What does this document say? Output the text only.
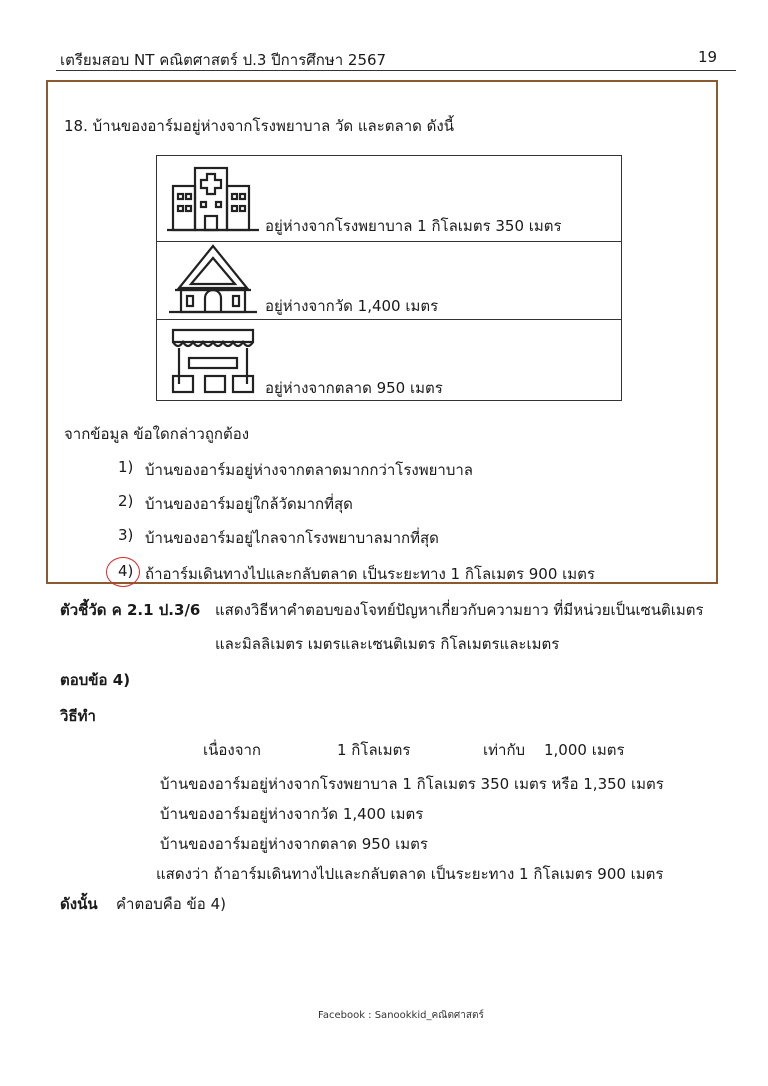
เตรียมสอบ NT คณิตศาสตร์ ป.3 ปีการศึกษา 2567	19
18. บ้านของอาร์มอยู่ห่างจากโรงพยาบาล วัด และตลาด ดังนี้
อยู่ห่างจากโรงพยาบาล 1 กิโลเมตร 350 เมตร
อยู่ห่างจากวัด 1,400 เมตร
อยู่ห่างจากตลาด 950 เมตร
จากข้อมูล ข้อใดกล่าวถูกต้อง
1) บ้านของอาร์มอยู่ห่างจากตลาดมากกว่าโรงพยาบาล
2) บ้านของอาร์มอยู่ใกล้วัดมากที่สุด
3) บ้านของอาร์มอยู่ไกลจากโรงพยาบาลมากที่สุด
4) ถ้าอาร์มเดินทางไปและกลับตลาด เป็นระยะทาง 1 กิโลเมตร 900 เมตร
ตัวชี้วัด ค 2.1 ป.3/6 แสดงวิธีหาคำตอบของโจทย์ปัญหาเกี่ยวกับความยาว ที่มีหน่วยเป็นเซนติเมตร
และมิลลิเมตร เมตรและเซนติเมตร กิโลเมตรและเมตร
ตอบข้อ 4)
วิธีทำ
เนื่องจาก	1 กิโลเมตร	เท่ากับ 1,000 เมตร
บ้านของอาร์มอยู่ห่างจากโรงพยาบาล 1 กิโลเมตร 350 เมตร หรือ 1,350 เมตร
บ้านของอาร์มอยู่ห่างจากวัด 1,400 เมตร
บ้านของอาร์มอยู่ห่างจากตลาด 950 เมตร
แสดงว่า ถ้าอาร์มเดินทางไปและกลับตลาด เป็นระยะทาง 1 กิโลเมตร 900 เมตร
ดังนั้น คำตอบคือ ข้อ 4)
Facebook : Sanookkid_คณิตศาสตร์
